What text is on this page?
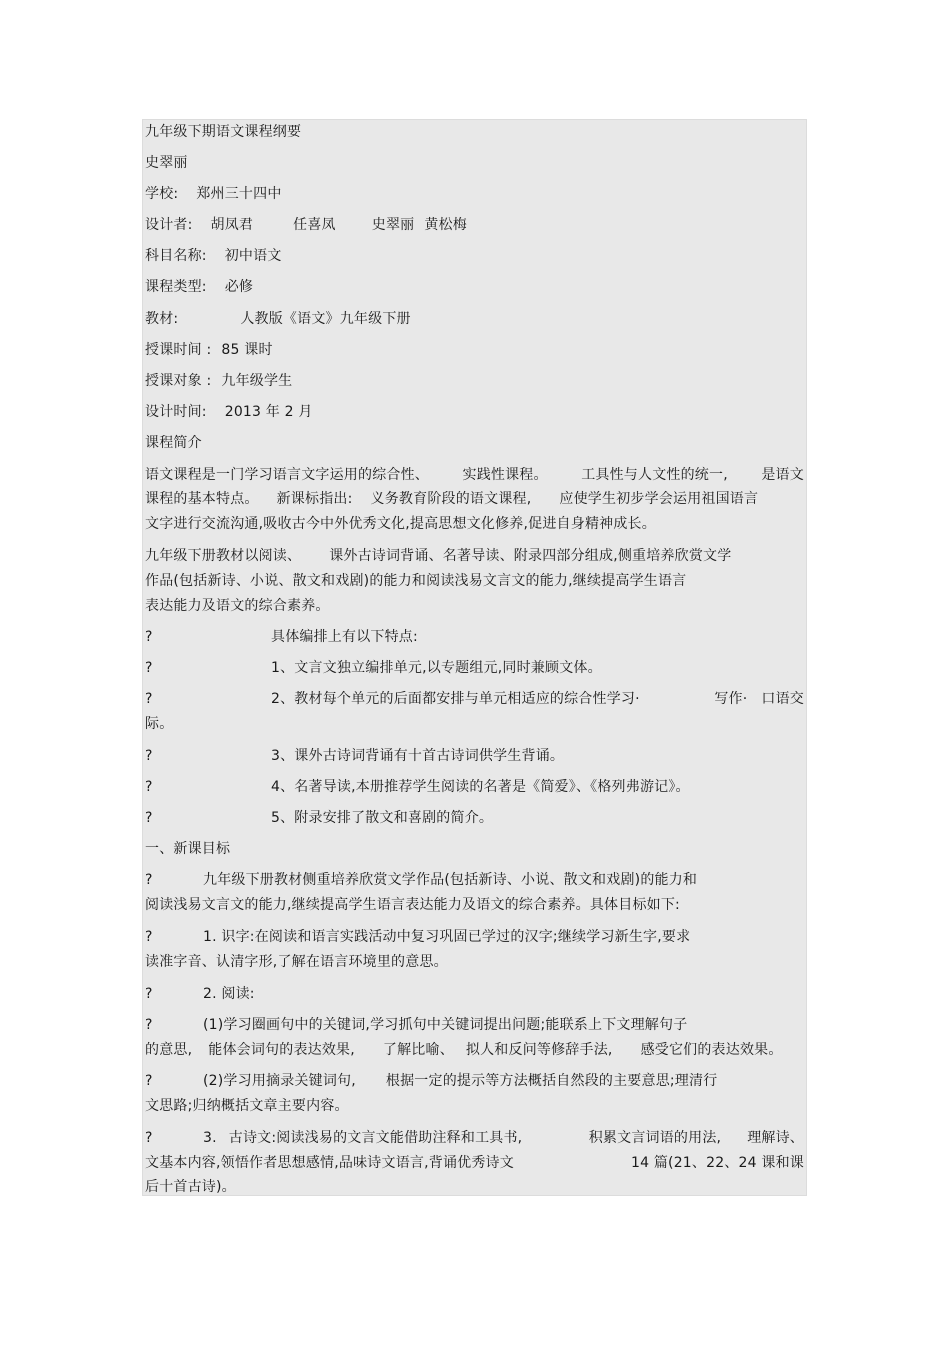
九年级下期语文课程纲要
史翠丽
学校: 郑州三十四中
设计者: 胡凤君	任喜凤	史翠丽 黄松梅
科目名称: 初中语文
课程类型: 必修
教材:	人教版《语文》九年级下册
授课时间 : 85 课时
授课对象 : 九年级学生
设计时间: 2013 年 2 月
课程简介
语文课程是一门学习语言文字运用的综合性、 实践性课程。 工具性与人文性的统一, 是语文
课程的基本特点。 新课标指出: 义务教育阶段的语文课程, 应使学生初步学会运用祖国语言
文字进行交流沟通,吸收古今中外优秀文化,提高思想文化修养,促进自身精神成长。
九年级下册教材以阅读、 课外古诗词背诵、名著导读、附录四部分组成,侧重培养欣赏文学
作品(包括新诗、小说、散文和戏剧)的能力和阅读浅易文言文的能力,继续提高学生语言
表达能力及语文的综合素养。
?	具体编排上有以下特点:
?	1、文言文独立编排单元,以专题组元,同时兼顾文体。
?	2、教材每个单元的后面都安排与单元相适应的综合性学习·	写作· 口语交
际。
?	3、课外古诗词背诵有十首古诗词供学生背诵。
?	4、名著导读,本册推荐学生阅读的名著是《简爱》、《格列弗游记》。
?	5、附录安排了散文和喜剧的简介。
一、新课目标
?	九年级下册教材侧重培养欣赏文学作品(包括新诗、小说、散文和戏剧)的能力和
阅读浅易文言文的能力,继续提高学生语言表达能力及语文的综合素养。具体目标如下:
?	1. 识字:在阅读和语言实践活动中复习巩固已学过的汉字;继续学习新生字,要求
读准字音、认清字形,了解在语言环境里的意思。
?	2. 阅读:
?	(1)学习圈画句中的关键词,学习抓句中关键词提出问题;能联系上下文理解句子
的意思, 能体会词句的表达效果, 了解比喻、 拟人和反问等修辞手法, 感受它们的表达效果。
?	(2)学习用摘录关键词句, 根据一定的提示等方法概括自然段的主要意思;理清行
文思路;归纳概括文章主要内容。
?	3. 古诗文:阅读浅易的文言文能借助注释和工具书,	积累文言词语的用法, 理解诗、
文基本内容,领悟作者思想感情,品味诗文语言,背诵优秀诗文	14 篇(21、22、24 课和课
后十首古诗)。
